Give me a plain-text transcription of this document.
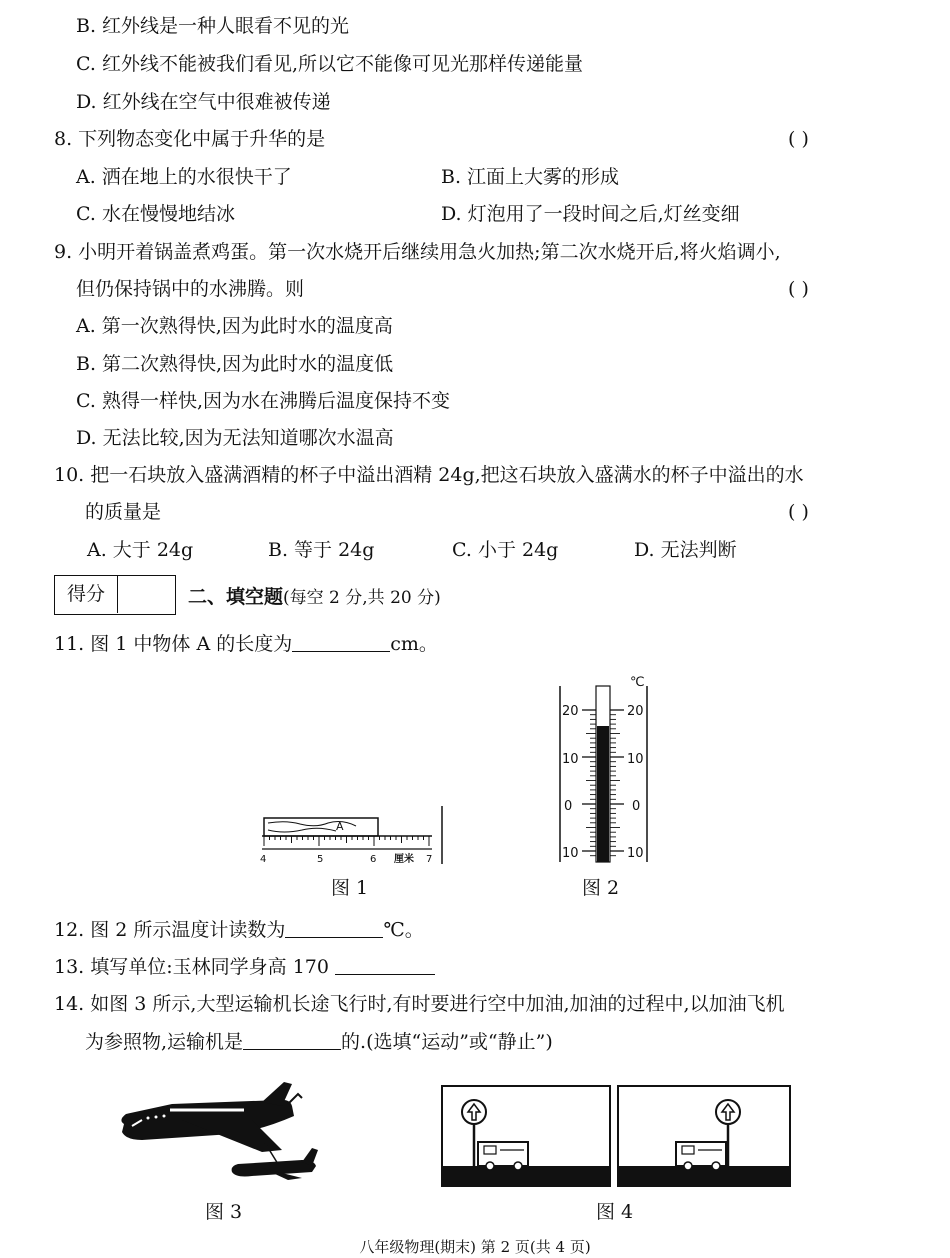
B. 红外线是一种人眼看不见的光
C. 红外线不能被我们看见,所以它不能像可见光那样传递能量
D. 红外线在空气中很难被传递
8. 下列物态变化中属于升华的是	( )
A. 洒在地上的水很快干了	B. 江面上大雾的形成
C. 水在慢慢地结冰	D. 灯泡用了一段时间之后,灯丝变细
9. 小明开着锅盖煮鸡蛋。第一次水烧开后继续用急火加热;第二次水烧开后,将火焰调小,
但仍保持锅中的水沸腾。则	( )
A. 第一次熟得快,因为此时水的温度高
B. 第二次熟得快,因为此时水的温度低
C. 熟得一样快,因为水在沸腾后温度保持不变
D. 无法比较,因为无法知道哪次水温高
10. 把一石块放入盛满酒精的杯子中溢出酒精 24g,把这石块放入盛满水的杯子中溢出的水
的质量是	( )
A. 大于 24g	B. 等于 24g	C. 小于 24g	D. 无法判断
得分	二、填空题(每空 2 分,共 20 分)
11. 图 1 中物体 A 的长度为	cm。
A
4	5	6 厘米 7
图 1
℃
20
10
0
10
20
10
0
10
图 2
12. 图 2 所示温度计读数为	℃。
13. 填写单位:玉林同学身高 170
14. 如图 3 所示,大型运输机长途飞行时,有时要进行空中加油,加油的过程中,以加油飞机
为参照物,运输机是	的.(选填“运动”或“静止”)
图 3	图 4
八年级物理(期末) 第 2 页(共 4 页)
